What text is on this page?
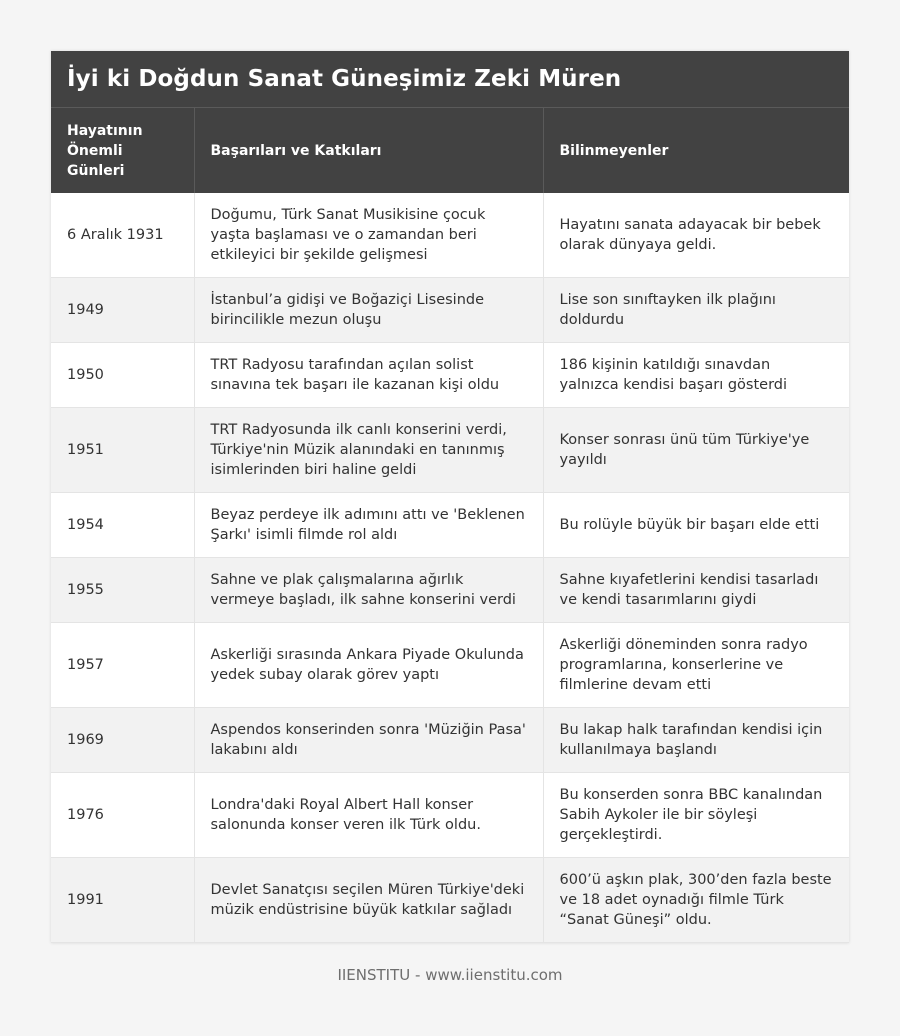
İyi ki Doğdun Sanat Güneşimiz Zeki Müren
Hayatının Önemli Günleri	Başarıları ve Katkıları	Bilinmeyenler
6 Aralık 1931	Doğumu, Türk Sanat Musikisine çocuk yaşta başlaması ve o zamandan beri etkileyici bir şekilde gelişmesi	Hayatını sanata adayacak bir bebek olarak dünyaya geldi.
1949	İstanbul’a gidişi ve Boğaziçi Lisesinde birincilikle mezun oluşu	Lise son sınıftayken ilk plağını doldurdu
1950	TRT Radyosu tarafından açılan solist sınavına tek başarı ile kazanan kişi oldu	186 kişinin katıldığı sınavdan yalnızca kendisi başarı gösterdi
1951	TRT Radyosunda ilk canlı konserini verdi, Türkiye'nin Müzik alanındaki en tanınmış isimlerinden biri haline geldi	Konser sonrası ünü tüm Türkiye'ye yayıldı
1954	Beyaz perdeye ilk adımını attı ve 'Beklenen Şarkı' isimli filmde rol aldı	Bu rolüyle büyük bir başarı elde etti
1955	Sahne ve plak çalışmalarına ağırlık vermeye başladı, ilk sahne konserini verdi	Sahne kıyafetlerini kendisi tasarladı ve kendi tasarımlarını giydi
1957	Askerliği sırasında Ankara Piyade Okulunda yedek subay olarak görev yaptı	Askerliği döneminden sonra radyo programlarına, konserlerine ve filmlerine devam etti
1969	Aspendos konserinden sonra 'Müziğin Pasa' lakabını aldı	Bu lakap halk tarafından kendisi için kullanılmaya başlandı
1976	Londra'daki Royal Albert Hall konser salonunda konser veren ilk Türk oldu.	Bu konserden sonra BBC kanalından Sabih Aykoler ile bir söyleşi gerçekleştirdi.
1991	Devlet Sanatçısı seçilen Müren Türkiye'deki müzik endüstrisine büyük katkılar sağladı	600’ü aşkın plak, 300’den fazla beste ve 18 adet oynadığı filmle Türk “Sanat Güneşi” oldu.
IIENSTITU - www.iienstitu.com
